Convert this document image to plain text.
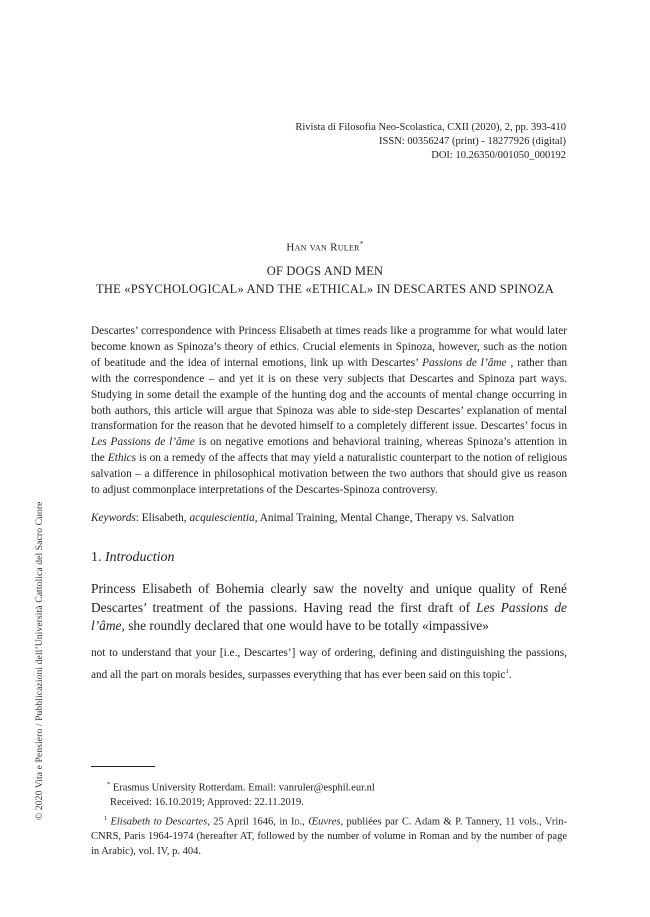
Rivista di Filosofia Neo-Scolastica, CXII (2020), 2, pp. 393-410
ISSN: 00356247 (print) - 18277926 (digital)
DOI: 10.26350/001050_000192
Han van Ruler*
OF DOGS AND MEN
THE «PSYCHOLOGICAL» AND THE «ETHICAL» IN DESCARTES AND SPINOZA
Descartes’ correspondence with Princess Elisabeth at times reads like a programme for what would later become known as Spinoza’s theory of ethics. Crucial elements in Spinoza, however, such as the notion of beatitude and the idea of internal emotions, link up with Descartes’ Passions de l’âme , rather than with the correspondence – and yet it is on these very subjects that Descartes and Spinoza part ways. Studying in some detail the example of the hunting dog and the accounts of mental change occurring in both authors, this article will argue that Spinoza was able to side-step Descartes’ explanation of mental transformation for the reason that he devoted himself to a completely different issue. Descartes’ focus in Les Passions de l’âme is on negative emotions and behavioral training, whereas Spinoza’s attention in the Ethics is on a remedy of the affects that may yield a naturalistic counterpart to the notion of religious salvation – a difference in philosophical motivation between the two authors that should give us reason to adjust commonplace interpretations of the Descartes-Spinoza controversy.
Keywords: Elisabeth, acquiescientia, Animal Training, Mental Change, Therapy vs. Salvation
1. Introduction
Princess Elisabeth of Bohemia clearly saw the novelty and unique quality of René Descartes’ treatment of the passions. Having read the first draft of Les Passions de l’âme, she roundly declared that one would have to be totally «impassive»
not to understand that your [i.e., Descartes’] way of ordering, defining and distinguishing the passions, and all the part on morals besides, surpasses everything that has ever been said on this topic$^1$.
* Erasmus University Rotterdam. Email: vanruler@esphil.eur.nl
Received: 16.10.2019; Approved: 22.11.2019.
$^1$ Elisabeth to Descartes, 25 April 1646, in Id., Œuvres, publiées par C. Adam & P. Tannery, 11 vols., Vrin-CNRS, Paris 1964-1974 (hereafter AT, followed by the number of volume in Roman and by the number of page in Arabic), vol. IV, p. 404.
© 2020 Vita e Pensiero / Pubblicazioni dell’Università Cattolica del Sacro Cuore
